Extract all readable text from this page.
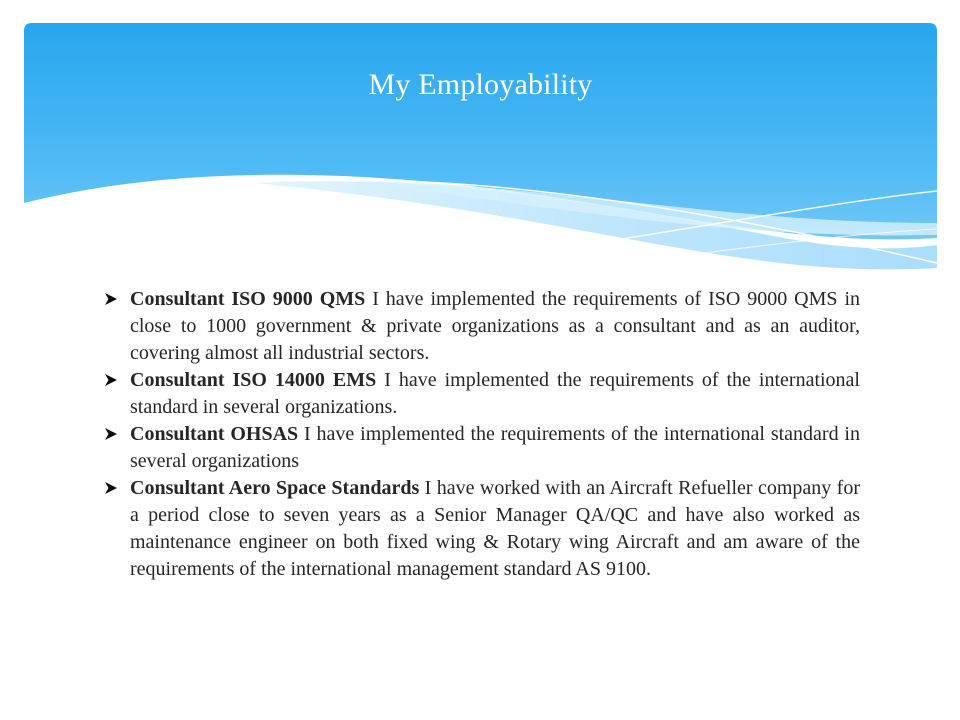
My Employability

Consultant ISO 9000 QMS I have implemented the requirements of ISO 9000 QMS in close to 1000 government & private organizations as a consultant and as an auditor, covering almost all industrial sectors.

Consultant ISO 14000 EMS I have implemented the requirements of the international standard in several organizations.

Consultant OHSAS I have implemented the requirements of the international standard in several organizations

Consultant Aero Space Standards I have worked with an Aircraft Refueller company for a period close to seven years as a Senior Manager QA/QC and have also worked as maintenance engineer on both fixed wing & Rotary wing Aircraft and am aware of the requirements of the international management standard AS 9100.
